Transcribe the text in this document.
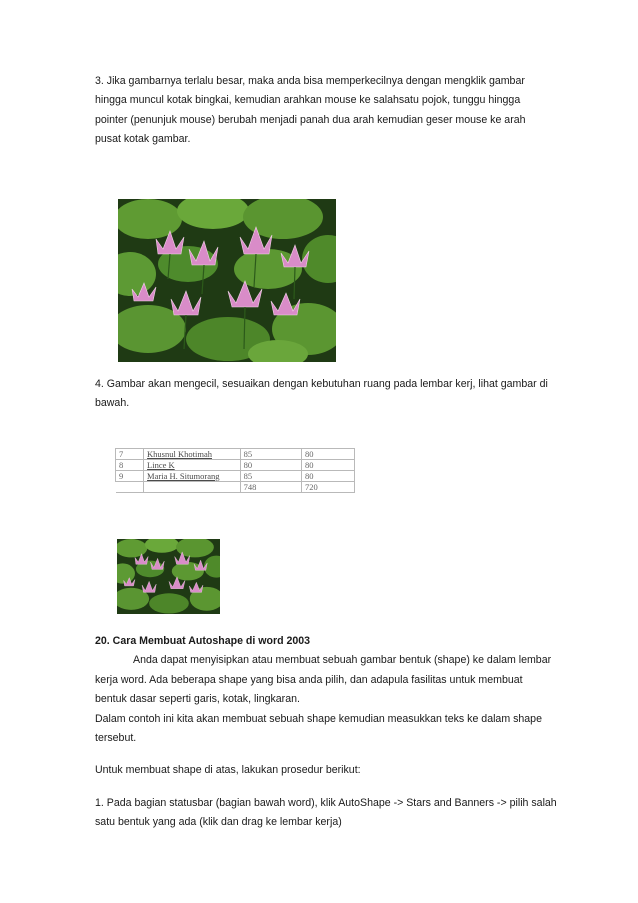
3. Jika gambarnya terlalu besar, maka anda bisa memperkecilnya dengan mengklik gambar
hingga muncul kotak bingkai, kemudian arahkan mouse ke salahsatu pojok, tunggu hingga
pointer (penunjuk mouse) berubah menjadi panah dua arah kemudian geser mouse ke arah
pusat kotak gambar.

4. Gambar akan mengecil, sesuaikan dengan kebutuhan ruang pada lembar kerj, lihat gambar di
bawah.

7	Khusnul Khotimah	85	80
8	Lince K	80	80
9	Maria H. Situmorang	85	80
		748	720

20. Cara Membuat Autoshape di word 2003
Anda dapat menyisipkan atau membuat sebuah gambar bentuk (shape) ke dalam lembar
kerja word. Ada beberapa shape yang bisa anda pilih, dan adapula fasilitas untuk membuat
bentuk dasar seperti garis, kotak, lingkaran.
Dalam contoh ini kita akan membuat sebuah shape kemudian measukkan teks ke dalam shape
tersebut.

Untuk membuat shape di atas, lakukan prosedur berikut:

1. Pada bagian statusbar (bagian bawah word), klik AutoShape -> Stars and Banners -> pilih salah
satu bentuk yang ada (klik dan drag ke lembar kerja)
